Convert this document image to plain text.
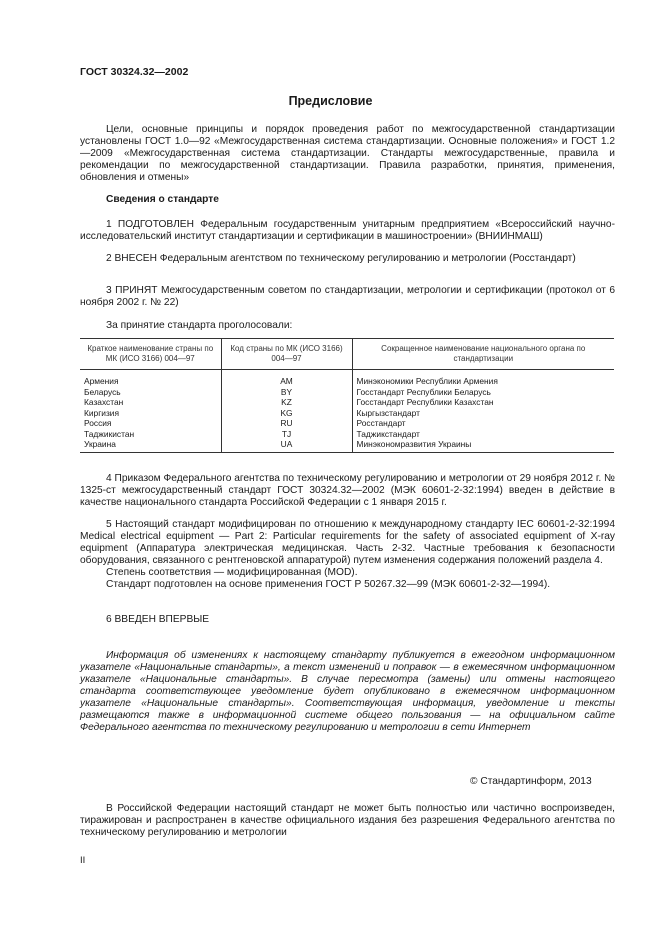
ГОСТ 30324.32—2002
Предисловие

Цели, основные принципы и порядок проведения работ по межгосударственной стандартизации установлены ГОСТ 1.0—92 «Межгосударственная система стандартизации. Основные положения» и ГОСТ 1.2—2009 «Межгосударственная система стандартизации. Стандарты межгосударственные, правила и рекомендации по межгосударственной стандартизации. Правила разработки, принятия, применения, обновления и отмены»

Сведения о стандарте

1 ПОДГОТОВЛЕН Федеральным государственным унитарным предприятием «Всероссийский научно-исследовательский институт стандартизации и сертификации в машиностроении» (ВНИИНМАШ)

2 ВНЕСЕН Федеральным агентством по техническому регулированию и метрологии (Росстандарт)

3 ПРИНЯТ Межгосударственным советом по стандартизации, метрологии и сертификации (протокол от 6 ноября 2002 г. № 22)

За принятие стандарта проголосовали:
Краткое наименование страны по МК (ИСО 3166) 004—97	Код страны по МК (ИСО 3166) 004—97	Сокращенное наименование национального органа по стандартизации
Армения	AM	Минэкономики Республики Армения
Беларусь	BY	Госстандарт Республики Беларусь
Казахстан	KZ	Госстандарт Республики Казахстан
Киргизия	KG	Кыргызстандарт
Россия	RU	Росстандарт
Таджикистан	TJ	Таджикстандарт
Украина	UA	Минэкономразвития Украины

4 Приказом Федерального агентства по техническому регулированию и метрологии от 29 ноября 2012 г. № 1325-ст межгосударственный стандарт ГОСТ 30324.32—2002 (МЭК 60601-2-32:1994) введен в действие в качестве национального стандарта Российской Федерации с 1 января 2015 г.

5 Настоящий стандарт модифицирован по отношению к международному стандарту IEC 60601-2-32:1994 Medical electrical equipment — Part 2: Particular requirements for the safety of associated equipment of X-ray equipment (Аппаратура электрическая медицинская. Часть 2-32. Частные требования к безопасности оборудования, связанного с рентгеновской аппаратурой) путем изменения содержания положений раздела 4.

Степень соответствия — модифицированная (MOD).

Стандарт подготовлен на основе применения ГОСТ Р 50267.32—99 (МЭК 60601-2-32—1994).

6 ВВЕДЕН ВПЕРВЫЕ

Информация об изменениях к настоящему стандарту публикуется в ежегодном информационном указателе «Национальные стандарты», а текст изменений и поправок — в ежемесячном информационном указателе «Национальные стандарты». В случае пересмотра (замены) или отмены настоящего стандарта соответствующее уведомление будет опубликовано в ежемесячном информационном указателе «Национальные стандарты». Соответствующая информация, уведомление и тексты размещаются также в информационной системе общего пользования — на официальном сайте Федерального агентства по техническому регулированию и метрологии в сети Интернет

© Стандартинформ, 2013

В Российской Федерации настоящий стандарт не может быть полностью или частично воспроизведен, тиражирован и распространен в качестве официального издания без разрешения Федерального агентства по техническому регулированию и метрологии

II
